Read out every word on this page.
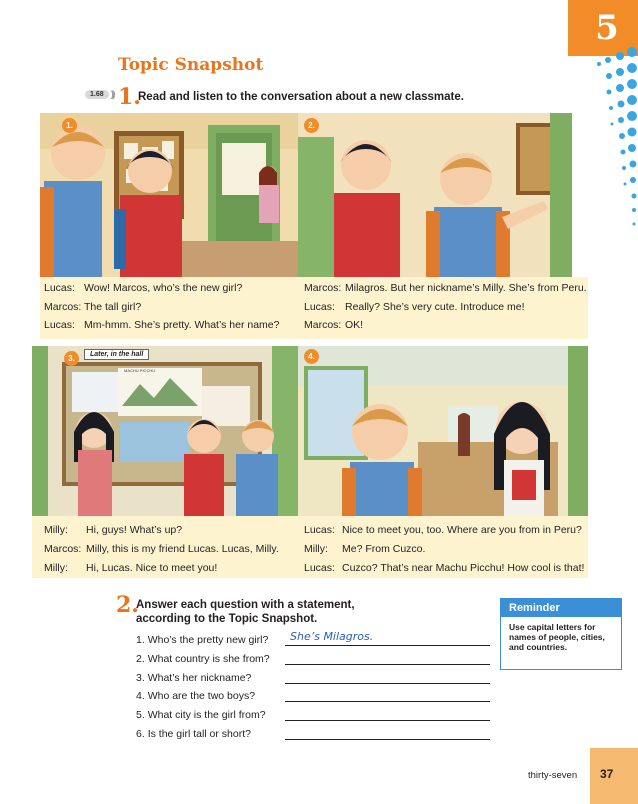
5
Topic Snapshot
1.68 ))) 1.
Read and listen to the conversation about a new classmate.
1.	2.
Lucas: Wow! Marcos, who’s the new girl?
Marcos: The tall girl?
Lucas: Mm-hmm. She’s pretty. What’s her name?
Marcos: Milagros. But her nickname’s Milly. She’s from Peru.
Lucas: Really? She’s very cute. Introduce me!
Marcos: OK!
3.
MACHU PICCHU
Later, in the hall	4.
Milly: Hi, guys! What’s up?
Marcos: Milly, this is my friend Lucas. Lucas, Milly.
Milly: Hi, Lucas. Nice to meet you!
Lucas: Nice to meet you, too. Where are you from in Peru?
Milly: Me? From Cuzco.
Lucas: Cuzco? That’s near Machu Picchu! How cool is that!
2.
Answer each question with a statement,
according to the Topic Snapshot.
1. Who’s the pretty new girl?
2. What country is she from?
3. What’s her nickname?
4. Who are the two boys?
5. What city is the girl from?
6. Is the girl tall or short?
She’s Milagros.
Reminder
Use capital letters for
names of people, cities,
and countries.
thirty-seven 37
